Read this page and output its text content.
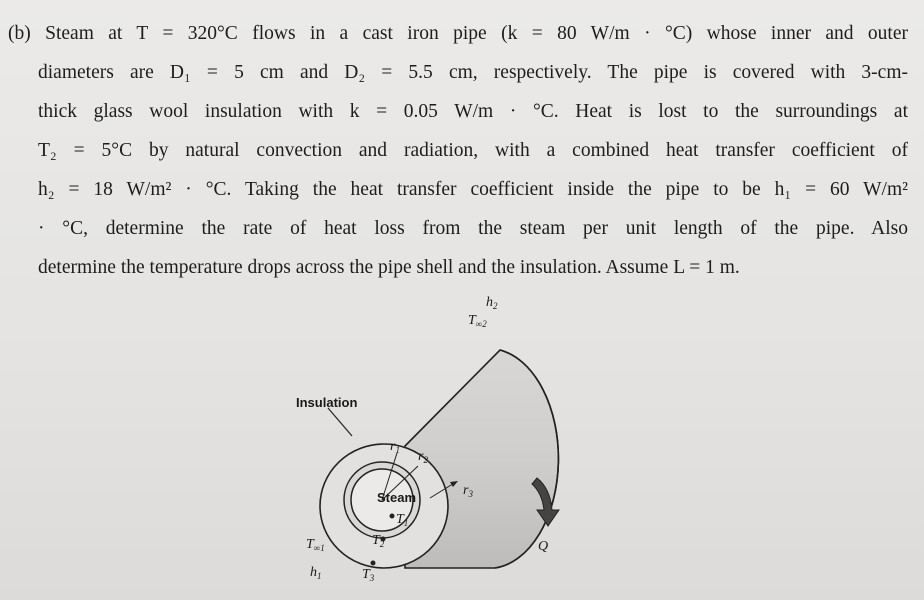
(b) Steam at T = 320°C flows in a cast iron pipe (k = 80 W/m · °C) whose inner and outer
diameters are D₁ = 5 cm and D₂ = 5.5 cm, respectively. The pipe is covered with 3-cm-
thick glass wool insulation with k = 0.05 W/m · °C. Heat is lost to the surroundings at
T₂ = 5°C by natural convection and radiation, with a combined heat transfer coefficient of
h₂ = 18 W/m² · °C. Taking the heat transfer coefficient inside the pipe to be h₁ = 60 W/m²
· °C, determine the rate of heat loss from the steam per unit length of the pipe. Also
determine the temperature drops across the pipe shell and the insulation. Assume L = 1 m.
Insulation
Steam
$h_2$
$T_{\infty 2}$
$r_1$ $r_2$
$r_3$
$T_1$
$T_2$
$T_3$
$T_{\infty 1}$
$h_1$
Q
